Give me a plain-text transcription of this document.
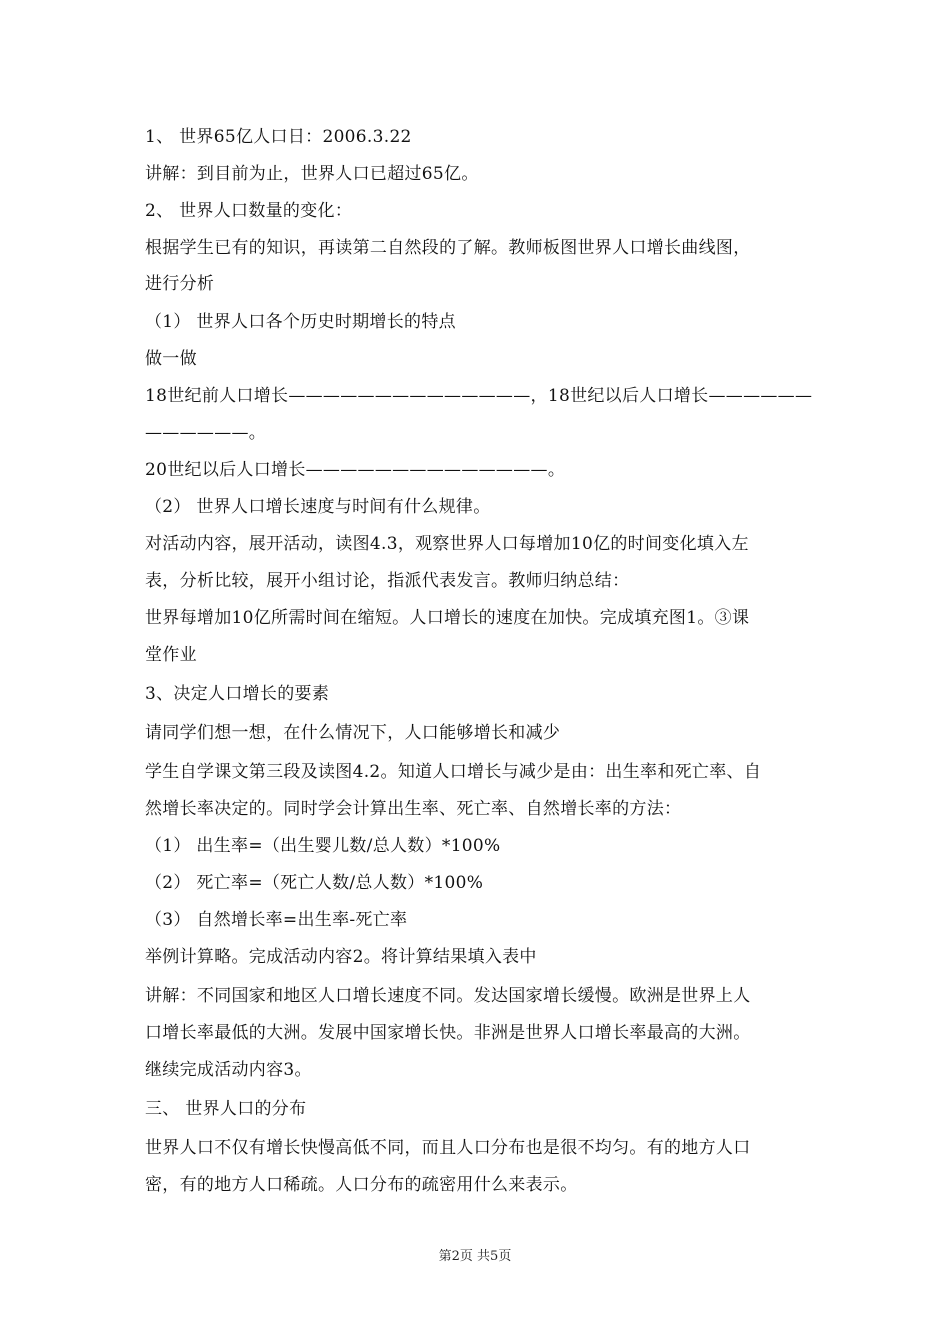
1、 世界65亿人口日：2006.3.22
讲解：到目前为止，世界人口已超过65亿。
2、 世界人口数量的变化：
根据学生已有的知识，再读第二自然段的了解。教师板图世界人口增长曲线图，
进行分析
（1） 世界人口各个历史时期增长的特点
做一做
18世纪前人口增长——————————————，18世纪以后人口增长——————
——————。
20世纪以后人口增长——————————————。
（2） 世界人口增长速度与时间有什么规律。
对活动内容，展开活动，读图4.3，观察世界人口每增加10亿的时间变化填入左
表，分析比较，展开小组讨论，指派代表发言。教师归纳总结：
世界每增加10亿所需时间在缩短。人口增长的速度在加快。完成填充图1。③课
堂作业
3、决定人口增长的要素
请同学们想一想，在什么情况下，人口能够增长和减少
学生自学课文第三段及读图4.2。知道人口增长与减少是由：出生率和死亡率、自
然增长率决定的。同时学会计算出生率、死亡率、自然增长率的方法：
（1） 出生率=（出生婴儿数/总人数）*100%
（2） 死亡率=（死亡人数/总人数）*100%
（3） 自然增长率=出生率-死亡率
举例计算略。完成活动内容2。将计算结果填入表中
讲解：不同国家和地区人口增长速度不同。发达国家增长缓慢。欧洲是世界上人
口增长率最低的大洲。发展中国家增长快。非洲是世界人口增长率最高的大洲。
继续完成活动内容3。
三、 世界人口的分布
世界人口不仅有增长快慢高低不同，而且人口分布也是很不均匀。有的地方人口
密，有的地方人口稀疏。人口分布的疏密用什么来表示。
第2页 共5页
